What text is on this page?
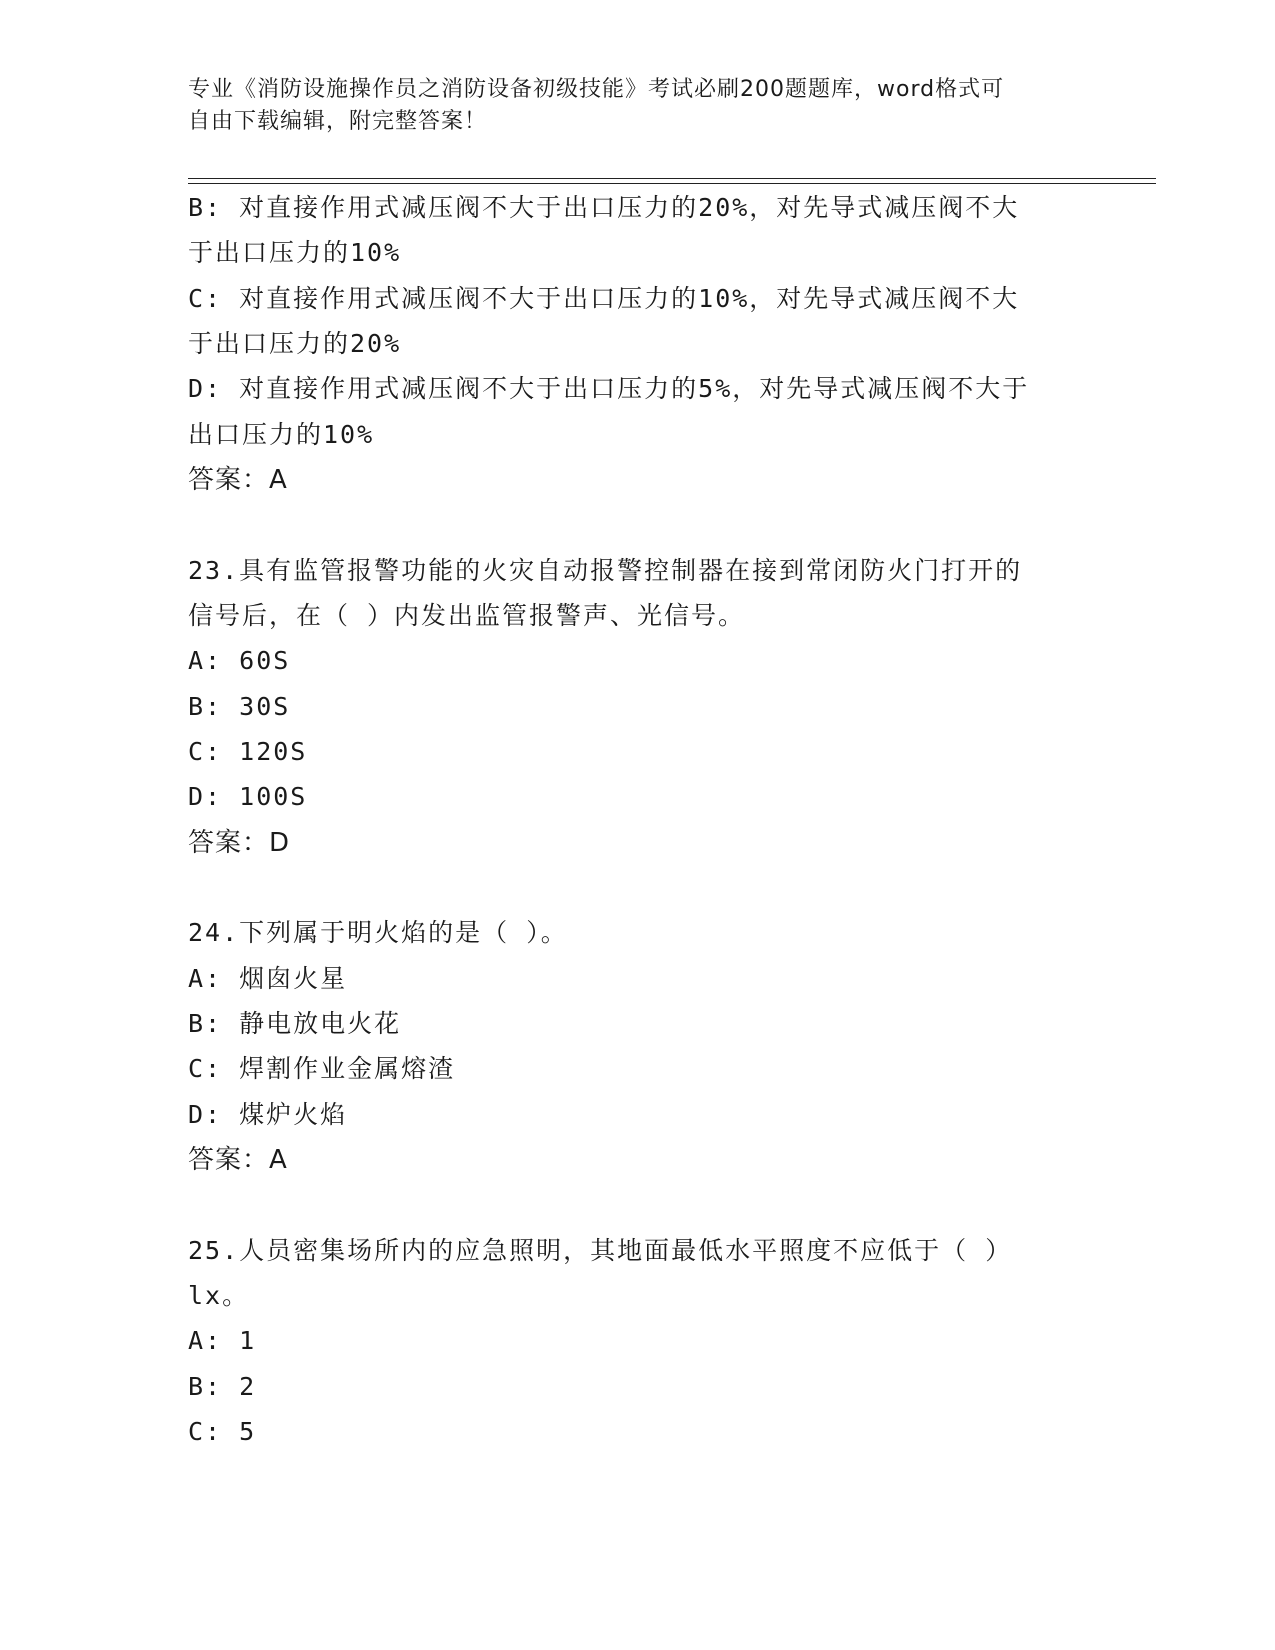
专业《消防设施操作员之消防设备初级技能》考试必刷200题题库，word格式可
自由下载编辑，附完整答案！
B: 对直接作用式减压阀不大于出口压力的20%，对先导式减压阀不大
于出口压力的10%
C: 对直接作用式减压阀不大于出口压力的10%，对先导式减压阀不大
于出口压力的20%
D: 对直接作用式减压阀不大于出口压力的5%，对先导式减压阀不大于
出口压力的10%
答案：A
23.具有监管报警功能的火灾自动报警控制器在接到常闭防火门打开的
信号后，在（ ）内发出监管报警声、光信号。
A: 60S
B: 30S
C: 120S
D: 100S
答案：D
24.下列属于明火焰的是（ ）。
A: 烟囱火星
B: 静电放电火花
C: 焊割作业金属熔渣
D: 煤炉火焰
答案：A
25.人员密集场所内的应急照明，其地面最低水平照度不应低于（ ）
lx。
A: 1
B: 2
C: 5
